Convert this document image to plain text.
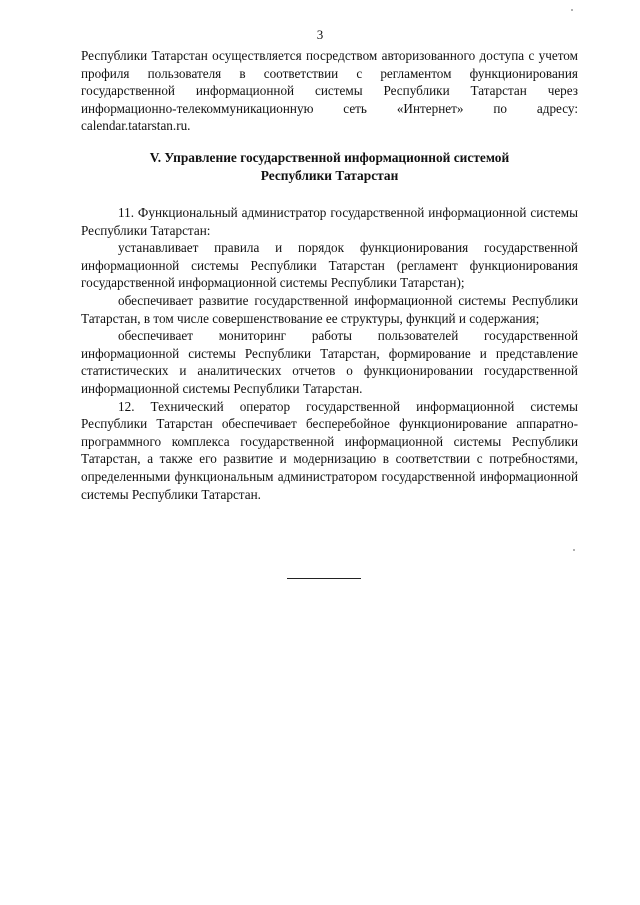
3

Республики Татарстан осуществляется посредством авторизованного доступа с учетом профиля пользователя в соответствии с регламентом функционирования государственной информационной системы Республики Татарстан через информационно-телекоммуникационную сеть «Интернет» по адресу: calendar.tatarstan.ru.

V. Управление государственной информационной системой
Республики Татарстан

11. Функциональный администратор государственной информационной системы Республики Татарстан:

устанавливает правила и порядок функционирования государственной информационной системы Республики Татарстан (регламент функционирования государственной информационной системы Республики Татарстан);

обеспечивает развитие государственной информационной системы Республики Татарстан, в том числе совершенствование ее структуры, функций и содержания;

обеспечивает мониторинг работы пользователей государственной информационной системы Республики Татарстан, формирование и представление статистических и аналитических отчетов о функционировании государственной информационной системы Республики Татарстан.

12. Технический оператор государственной информационной системы Республики Татарстан обеспечивает бесперебойное функционирование аппаратно-программного комплекса государственной информационной системы Республики Татарстан, а также его развитие и модернизацию в соответствии с потребностями, определенными функциональным администратором государственной информационной системы Республики Татарстан.
